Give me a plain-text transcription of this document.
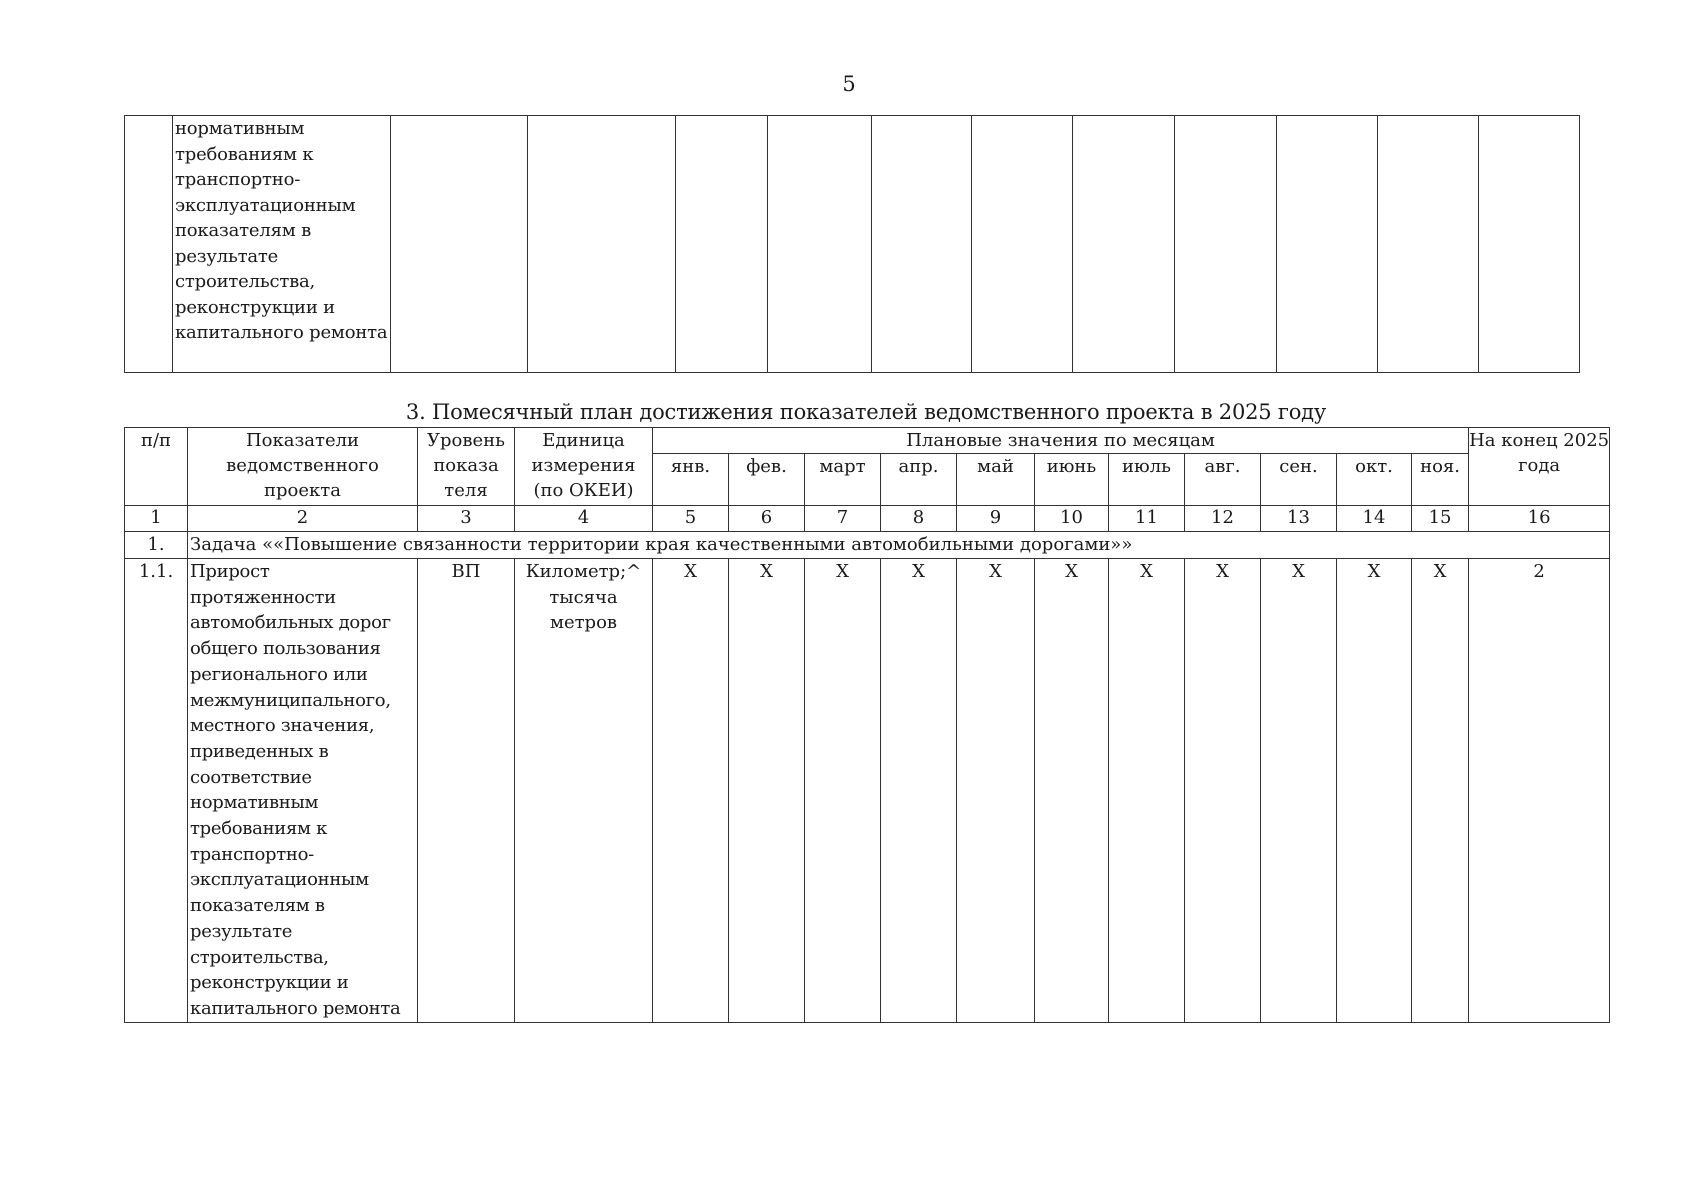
5
	нормативным требованиям к транспортно-эксплуатационным показателям в результате строительства, реконструкции и капитального ремонта											
3. Помесячный план достижения показателей ведомственного проекта в 2025 году
п/п	Показатели ведомственного проекта	Уровень показа теля	Единица измерения (по ОКЕИ)	Плановые значения по месяцам											На конец 2025 года
				янв.	фев.	март	апр.	май	июнь	июль	авг.	сен.	окт.	ноя.	
1	2	3	4	5	6	7	8	9	10	11	12	13	14	15	16
1.	Задача ««Повышение связанности территории края качественными автомобильными дорогами»»														
1.1.	Прирост протяженности автомобильных дорог общего пользования регионального или межмуниципального, местного значения, приведенных в соответствие нормативным требованиям к транспортно-эксплуатационным показателям в результате строительства, реконструкции и капитального ремонта	ВП	Километр;^ тысяча метров	X	X	X	X	X	X	X	X	X	X	X	2
